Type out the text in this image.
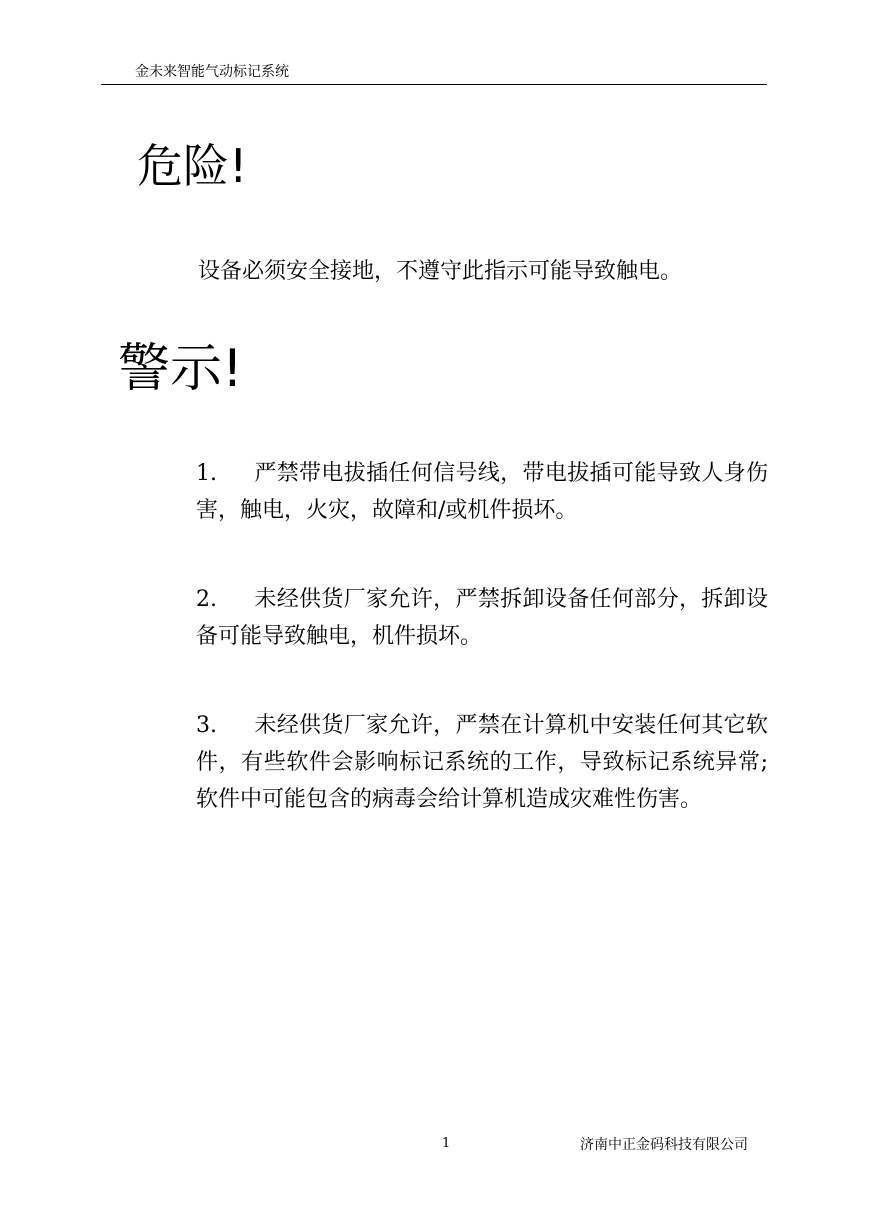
金未来智能气动标记系统
危险!
设备必须安全接地，不遵守此指示可能导致触电。
警示!
1. 严禁带电拔插任何信号线，带电拔插可能导致人身伤害，触电，火灾，故障和/或机件损坏。
2. 未经供货厂家允许，严禁拆卸设备任何部分，拆卸设备可能导致触电，机件损坏。
3. 未经供货厂家允许，严禁在计算机中安装任何其它软件，有些软件会影响标记系统的工作，导致标记系统异常; 软件中可能包含的病毒会给计算机造成灾难性伤害。
1	济南中正金码科技有限公司
